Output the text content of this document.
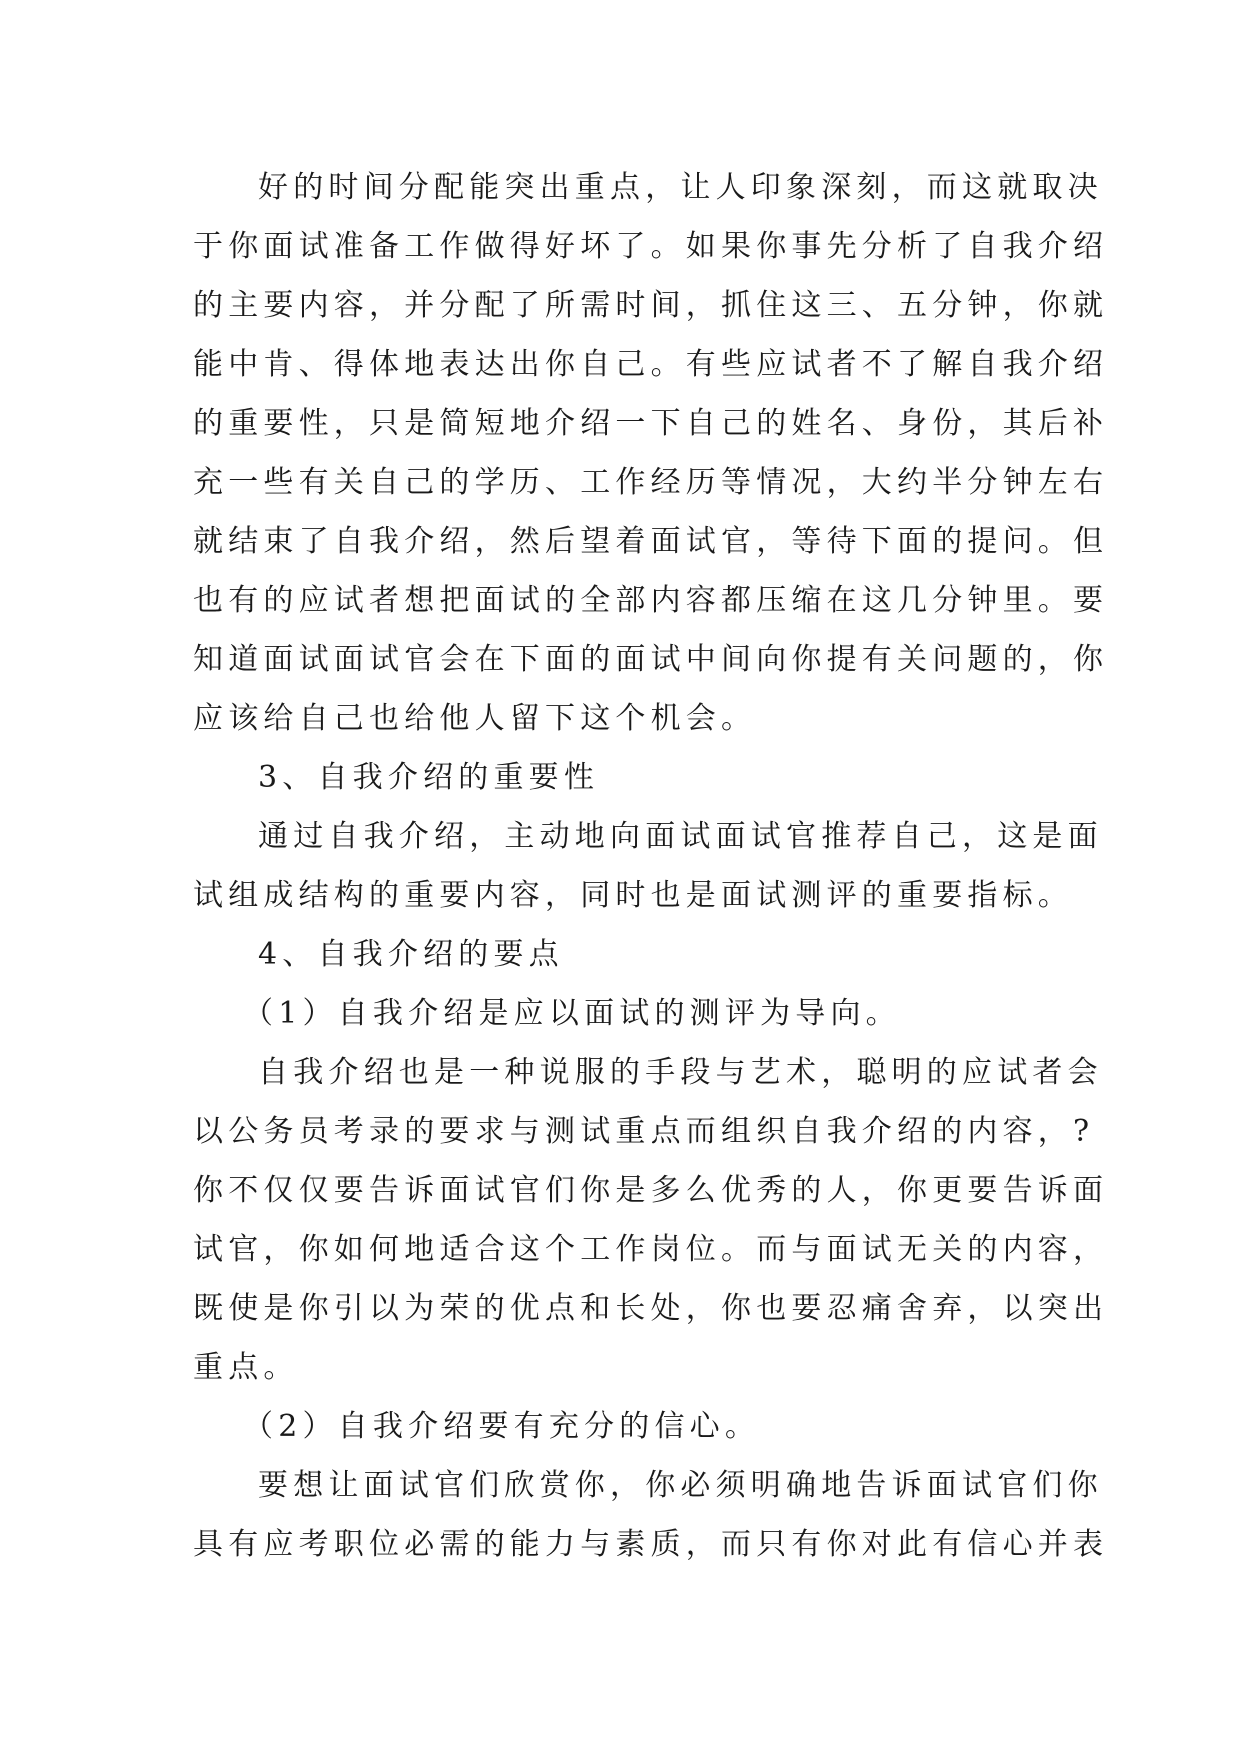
好的时间分配能突出重点，让人印象深刻，而这就取决
于你面试准备工作做得好坏了。如果你事先分析了自我介绍
的主要内容，并分配了所需时间，抓住这三、五分钟，你就
能中肯、得体地表达出你自己。有些应试者不了解自我介绍
的重要性，只是简短地介绍一下自己的姓名、身份，其后补
充一些有关自己的学历、工作经历等情况，大约半分钟左右
就结束了自我介绍，然后望着面试官，等待下面的提问。但
也有的应试者想把面试的全部内容都压缩在这几分钟里。要
知道面试面试官会在下面的面试中间向你提有关问题的，你
应该给自己也给他人留下这个机会。
3、自我介绍的重要性
通过自我介绍，主动地向面试面试官推荐自己，这是面
试组成结构的重要内容，同时也是面试测评的重要指标。
4、自我介绍的要点
（1）自我介绍是应以面试的测评为导向。
自我介绍也是一种说服的手段与艺术，聪明的应试者会
以公务员考录的要求与测试重点而组织自我介绍的内容，?
你不仅仅要告诉面试官们你是多么优秀的人，你更要告诉面
试官，你如何地适合这个工作岗位。而与面试无关的内容，
既使是你引以为荣的优点和长处，你也要忍痛舍弃，以突出
重点。
（2）自我介绍要有充分的信心。
要想让面试官们欣赏你，你必须明确地告诉面试官们你
具有应考职位必需的能力与素质，而只有你对此有信心并表
